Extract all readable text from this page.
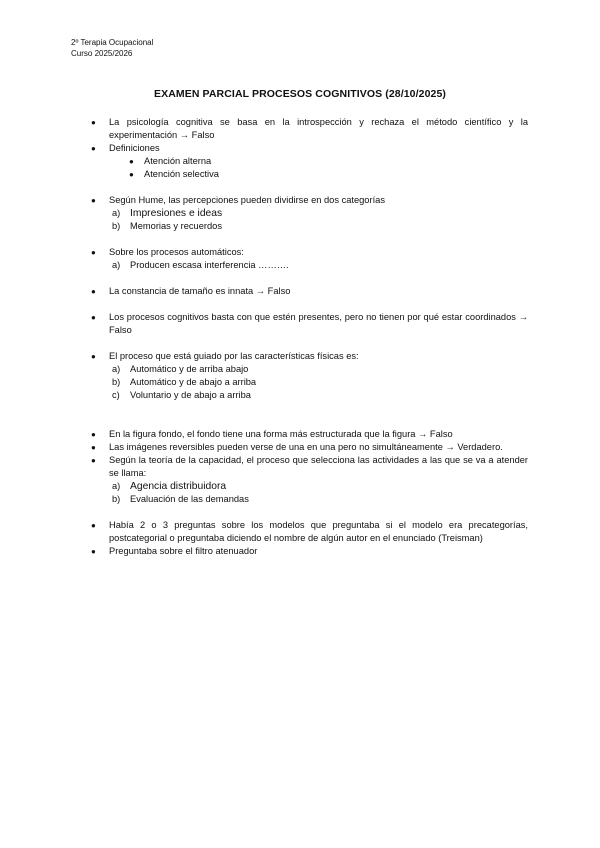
2º Terapia Ocupacional
Curso 2025/2026
EXAMEN PARCIAL PROCESOS COGNITIVOS (28/10/2025)
● La psicología cognitiva se basa en la introspección y rechaza el método científico y la experimentación → Falso
● Definiciones
● Atención alterna
● Atención selectiva
● Según Hume, las percepciones pueden dividirse en dos categorías
a) Impresiones e ideas
b) Memorias y recuerdos
● Sobre los procesos automáticos:
a) Producen escasa interferencia ……….
● La constancia de tamaño es innata → Falso
● Los procesos cognitivos basta con que estén presentes, pero no tienen por qué estar coordinados → Falso
● El proceso que está guiado por las características físicas es:
a) Automático y de arriba abajo
b) Automático y de abajo a arriba
c) Voluntario y de abajo a arriba
● En la figura fondo, el fondo tiene una forma más estructurada que la figura → Falso
● Las imágenes reversibles pueden verse de una en una pero no simultáneamente → Verdadero.
● Según la teoría de la capacidad, el proceso que selecciona las actividades a las que se va a atender se llama:
a) Agencia distribuidora
b) Evaluación de las demandas
● Había 2 o 3 preguntas sobre los modelos que preguntaba si el modelo era precategorías, postcategorial o preguntaba diciendo el nombre de algún autor en el enunciado (Treisman)
● Preguntaba sobre el filtro atenuador
